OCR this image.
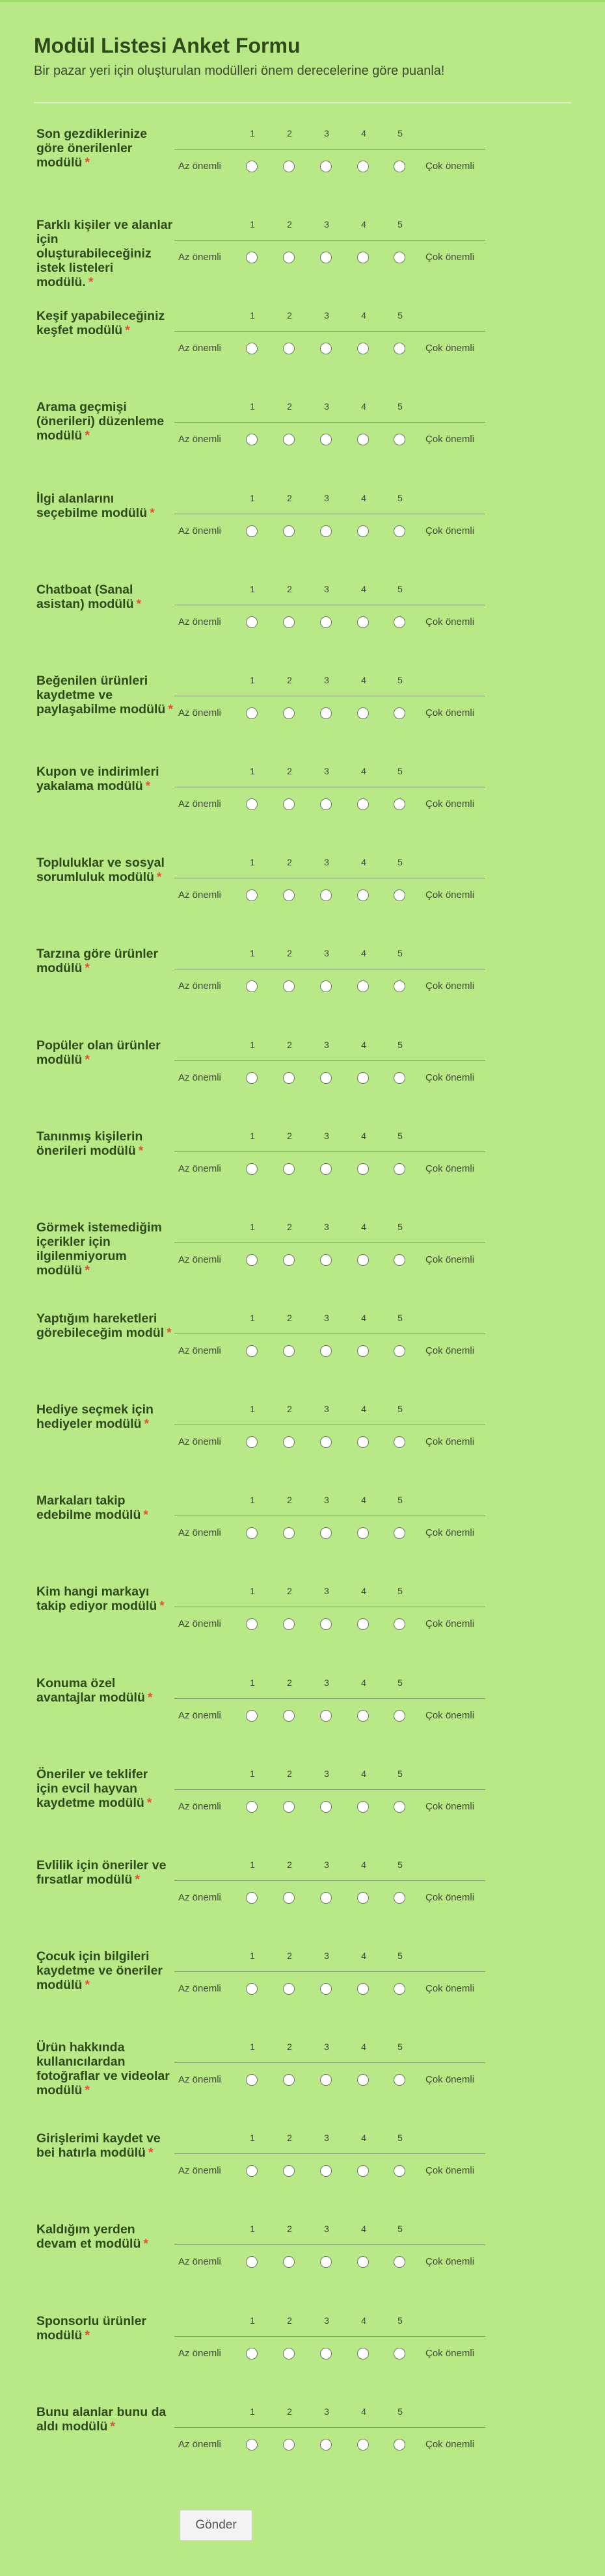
Modül Listesi Anket Formu
Bir pazar yeri için oluşturulan modülleri önem derecelerine göre puanla!
Son gezdiklerinize göre önerilenler modülü *
1	2	3	4	5
Az önemli	Çok önemli
Farklı kişiler ve alanlar için oluşturabileceğiniz istek listeleri modülü. *
1	2	3	4	5
Az önemli	Çok önemli
Keşif yapabileceğiniz keşfet modülü *
1	2	3	4	5
Az önemli	Çok önemli
Arama geçmişi (önerileri) düzenleme modülü *
1	2	3	4	5
Az önemli	Çok önemli
İlgi alanlarını seçebilme modülü *
1	2	3	4	5
Az önemli	Çok önemli
Chatboat (Sanal asistan) modülü *
1	2	3	4	5
Az önemli	Çok önemli
Beğenilen ürünleri kaydetme ve paylaşabilme modülü *
1	2	3	4	5
Az önemli	Çok önemli
Kupon ve indirimleri yakalama modülü *
1	2	3	4	5
Az önemli	Çok önemli
Topluluklar ve sosyal sorumluluk modülü *
1	2	3	4	5
Az önemli	Çok önemli
Tarzına göre ürünler modülü *
1	2	3	4	5
Az önemli	Çok önemli
Popüler olan ürünler modülü *
1	2	3	4	5
Az önemli	Çok önemli
Tanınmış kişilerin önerileri modülü *
1	2	3	4	5
Az önemli	Çok önemli
Görmek istemediğim içerikler için ilgilenmiyorum modülü *
1	2	3	4	5
Az önemli	Çok önemli
Yaptığım hareketleri görebileceğim modül *
1	2	3	4	5
Az önemli	Çok önemli
Hediye seçmek için hediyeler modülü *
1	2	3	4	5
Az önemli	Çok önemli
Markaları takip edebilme modülü *
1	2	3	4	5
Az önemli	Çok önemli
Kim hangi markayı takip ediyor modülü *
1	2	3	4	5
Az önemli	Çok önemli
Konuma özel avantajlar modülü *
1	2	3	4	5
Az önemli	Çok önemli
Öneriler ve teklifer için evcil hayvan kaydetme modülü *
1	2	3	4	5
Az önemli	Çok önemli
Evlilik için öneriler ve fırsatlar modülü *
1	2	3	4	5
Az önemli	Çok önemli
Çocuk için bilgileri kaydetme ve öneriler modülü *
1	2	3	4	5
Az önemli	Çok önemli
Ürün hakkında kullanıcılardan fotoğraflar ve videolar modülü *
1	2	3	4	5
Az önemli	Çok önemli
Girişlerimi kaydet ve bei hatırla modülü *
1	2	3	4	5
Az önemli	Çok önemli
Kaldığım yerden devam et modülü *
1	2	3	4	5
Az önemli	Çok önemli
Sponsorlu ürünler modülü *
1	2	3	4	5
Az önemli	Çok önemli
Bunu alanlar bunu da aldı modülü *
1	2	3	4	5
Az önemli	Çok önemli
Gönder
